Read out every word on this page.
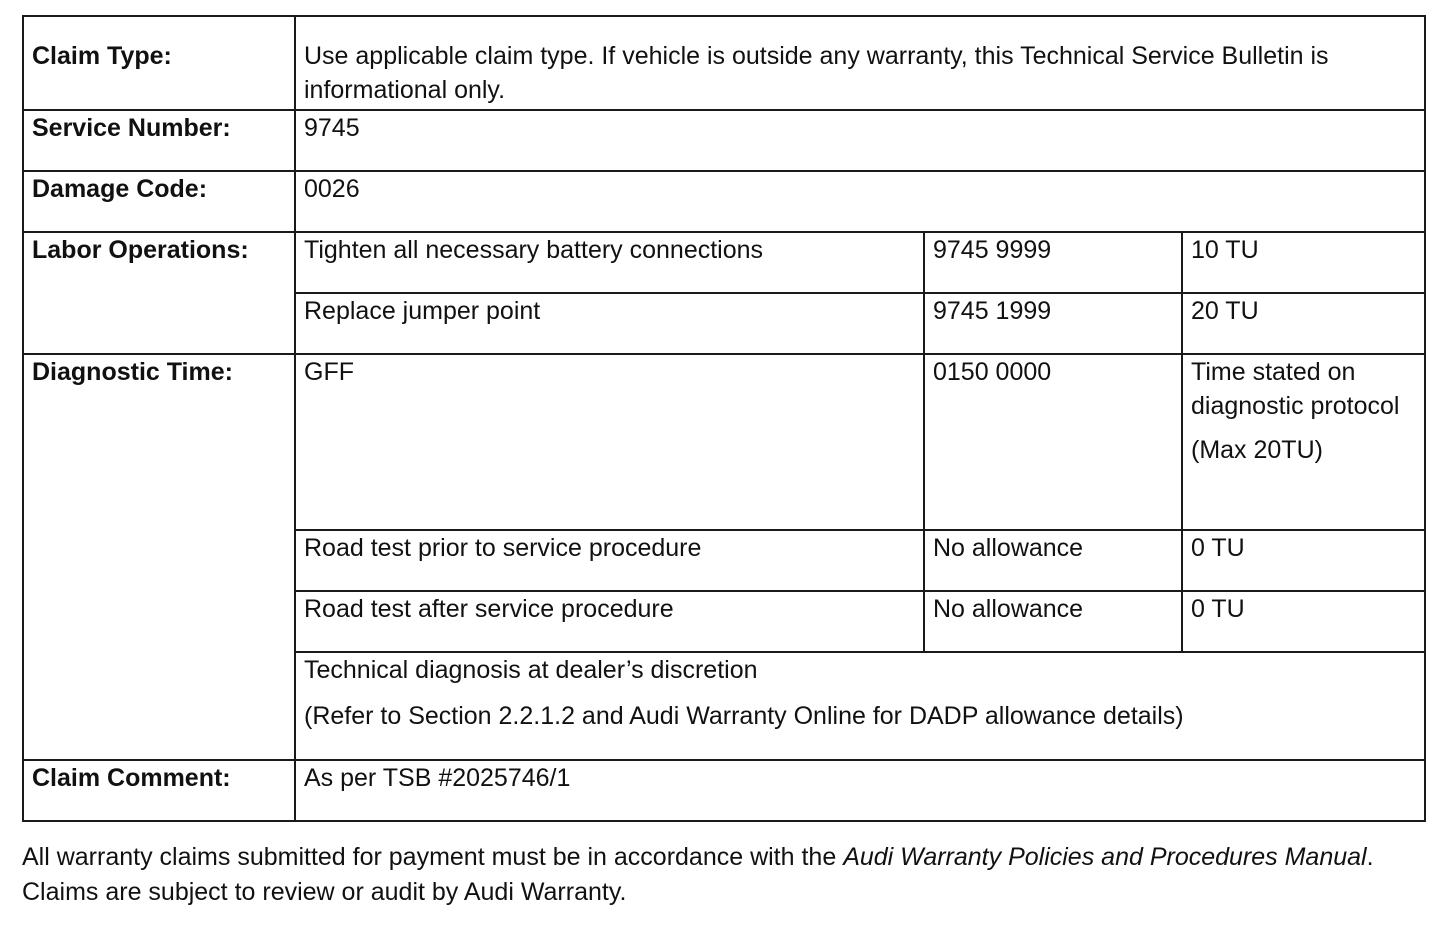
Claim Type:	Use applicable claim type. If vehicle is outside any warranty, this Technical Service Bulletin is informational only.		
Service Number:	9745		
Damage Code:	0026		
Labor Operations:	Tighten all necessary battery connections	9745 9999	10 TU
	Replace jumper point	9745 1999	20 TU
Diagnostic Time:	GFF	0150 0000	Time stated on diagnostic protocol
(Max 20TU)

	Road test prior to service procedure	No allowance	0 TU
	Road test after service procedure	No allowance	0 TU

	Technical diagnosis at dealer’s discretion
(Refer to Section 2.2.1.2 and Audi Warranty Online for DADP allowance details)		

Claim Comment:	As per TSB #2025746/1		

All warranty claims submitted for payment must be in accordance with the Audi Warranty Policies and Procedures Manual. Claims are subject to review or audit by Audi Warranty.
